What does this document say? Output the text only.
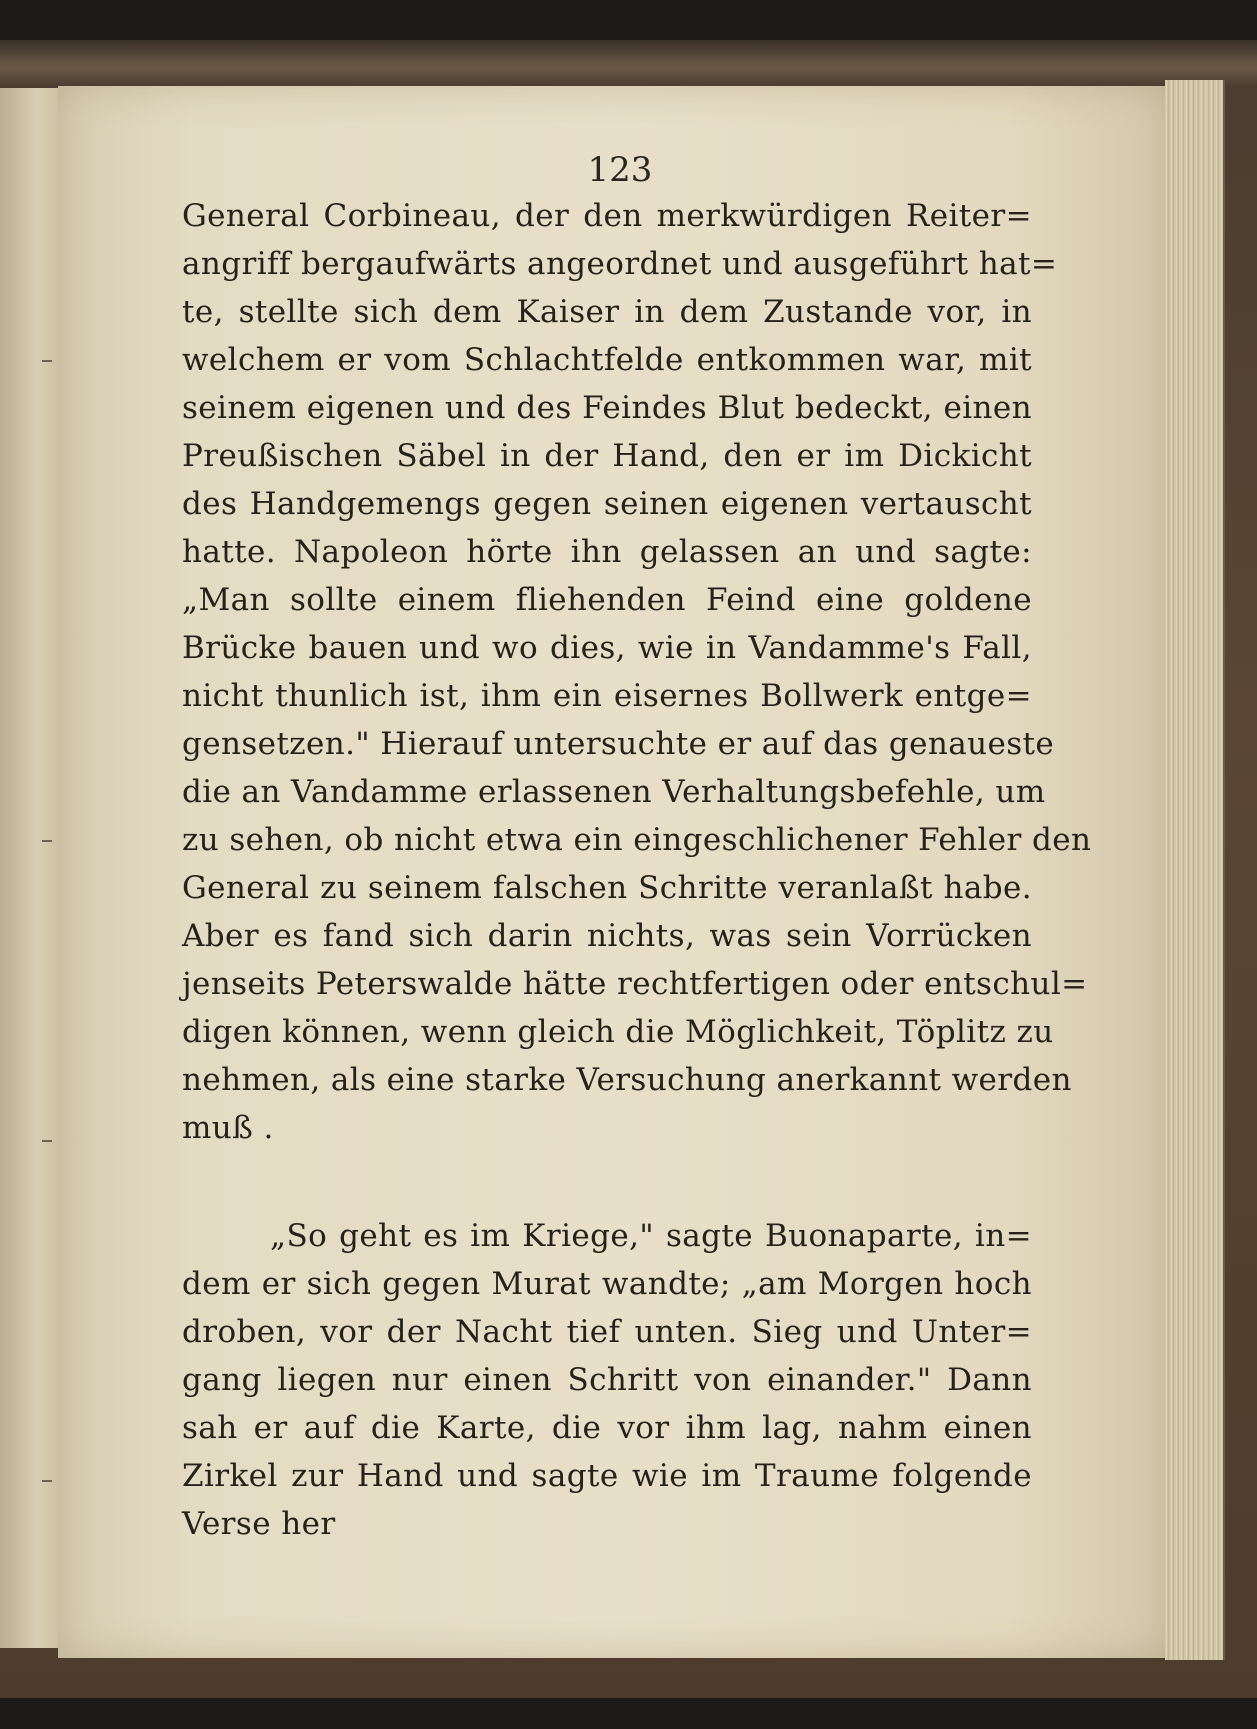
123
General Corbineau, der den merkwürdigen Reiter=
angriff bergaufwärts angeordnet und ausgeführt hat=
te, stellte sich dem Kaiser in dem Zustande vor, in
welchem er vom Schlachtfelde entkommen war, mit
seinem eigenen und des Feindes Blut bedeckt, einen
Preußischen Säbel in der Hand, den er im Dickicht
des Handgemengs gegen seinen eigenen vertauscht
hatte. Napoleon hörte ihn gelassen an und sagte:
„Man sollte einem fliehenden Feind eine goldene
Brücke bauen und wo dies, wie in Vandamme's Fall,
nicht thunlich ist, ihm ein eisernes Bollwerk entge=
gensetzen." Hierauf untersuchte er auf das genaueste
die an Vandamme erlassenen Verhaltungsbefehle, um
zu sehen, ob nicht etwa ein eingeschlichener Fehler den
General zu seinem falschen Schritte veranlaßt habe.
Aber es fand sich darin nichts, was sein Vorrücken
jenseits Peterswalde hätte rechtfertigen oder entschul=
digen können, wenn gleich die Möglichkeit, Töplitz zu
nehmen, als eine starke Versuchung anerkannt werden
muß .
„So geht es im Kriege," sagte Buonaparte, in=
dem er sich gegen Murat wandte; „am Morgen hoch
droben, vor der Nacht tief unten. Sieg und Unter=
gang liegen nur einen Schritt von einander." Dann
sah er auf die Karte, die vor ihm lag, nahm einen
Zirkel zur Hand und sagte wie im Traume folgende
Verse her
